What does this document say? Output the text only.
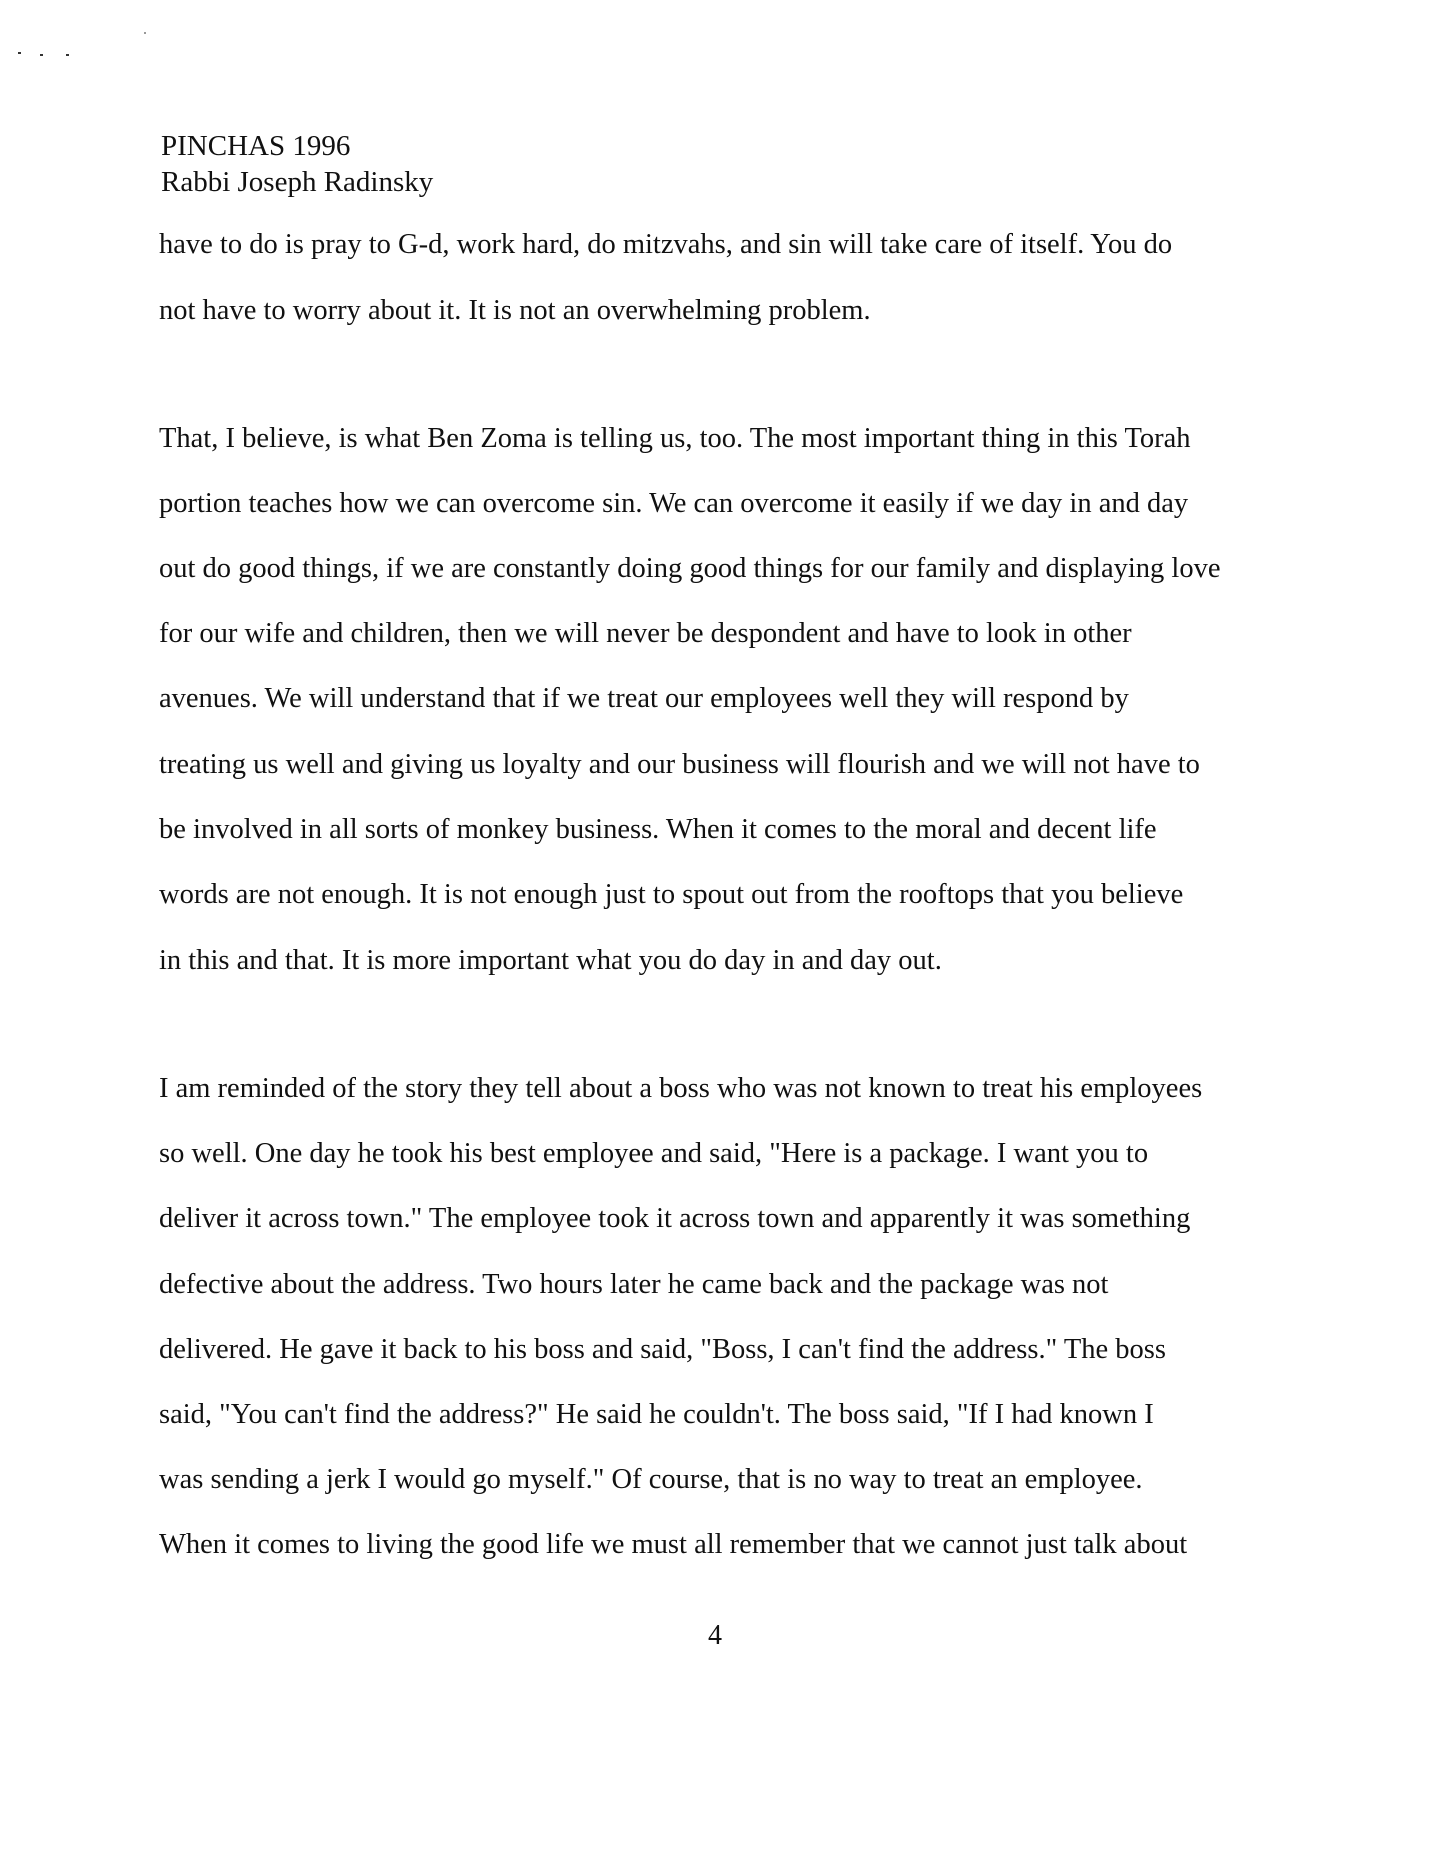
PINCHAS 1996
Rabbi Joseph Radinsky
have to do is pray to G-d, work hard, do mitzvahs, and sin will take care of itself. You do
not have to worry about it. It is not an overwhelming problem.
That, I believe, is what Ben Zoma is telling us, too. The most important thing in this Torah
portion teaches how we can overcome sin. We can overcome it easily if we day in and day
out do good things, if we are constantly doing good things for our family and displaying love
for our wife and children, then we will never be despondent and have to look in other
avenues. We will understand that if we treat our employees well they will respond by
treating us well and giving us loyalty and our business will flourish and we will not have to
be involved in all sorts of monkey business. When it comes to the moral and decent life
words are not enough. It is not enough just to spout out from the rooftops that you believe
in this and that. It is more important what you do day in and day out.
I am reminded of the story they tell about a boss who was not known to treat his employees
so well. One day he took his best employee and said, "Here is a package. I want you to
deliver it across town." The employee took it across town and apparently it was something
defective about the address. Two hours later he came back and the package was not
delivered. He gave it back to his boss and said, "Boss, I can't find the address." The boss
said, "You can't find the address?" He said he couldn't. The boss said, "If I had known I
was sending a jerk I would go myself." Of course, that is no way to treat an employee.
When it comes to living the good life we must all remember that we cannot just talk about
4
